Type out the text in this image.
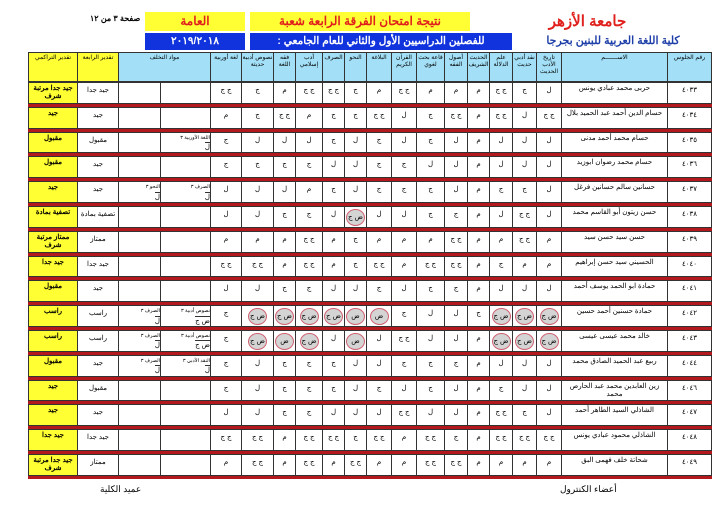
جامعة الأزهر
كلية اللغة العربية للبنين بجرجا
نتيجة امتحان الفرقة الرابعة شعبة
العامة
للفصلين الدراسيين الأول والثاني للعام الجامعي :
٢٠١٩/٢٠١٨
صفحة ٣ من ١٢
رقم الجلوس
الاســـــــم
تاريخ الأدب الحديث
نقد أدبي حديث
علم الدلالة
الحديث الشريف
أصول الفقه
قاعة بحث لغوي
القرآن الكريم
البلاغة
النحو
الصرف
أدب إسلامي
فقه اللغة
نصوص أدبية حديثة
لغة أوربية
مواد التخلف
تقدير الرابعة
تقدير التراكمي
٤٠٣٣
حربى محمد عبادي يونس
ل
ج
ج ج
م
م
م
ج ج
م
ج
ج ج
ج ج
م
ج
ج ج
جيد جدا
جيد جدا مرتبة شرف
٤٠٣٤
حسام الدين أحمد عبد الحميد بلال
ج ج
ل
ج ج
م
ج ج
ج
ل
ج ج
ج
ج
م
ج ج
ج
م
جيد
جيد
٤٠٣٥
حسام محمد أحمد مدنى
ل
ل
ل
م
ل
ج
ل
ج
ل
ج
ل
ل
ل
ج
اللغة الأوربية ٣
ل
مقبول
مقبول
٤٠٣٦
حسام محمد رضوان ابوزيد
ل
ل
ل
م
ل
ل
ج
ج
ل
ل
ج
ج
ج
ج
جيد
مقبول
٤٠٣٧
حسانين سالم حسانين فرغل
ل
ج
ج
م
ل
ج
ج
ج
ل
ج
م
ل
ل
ل
الصرف ٣
ل
النحو ٣
ل
جيد
جيد
٤٠٣٨
حسن زيتون أبو القاسم محمد
ل
ج ج
ل
م
ج
ج
ل
ل
ض ج
ل
ج
ج
ل
ل
تصفية بمادة
تصفية بمادة
٤٠٣٩
حسن سيد حسن سيد
م
ج ج
م
م
ج ج
م
م
م
ج
م
ج ج
م
م
م
ممتاز
ممتاز مرتبة شرف
٤٠٤٠
الحسيني سيد حسن إبراهيم
م
م
ج
م
ج ج
ج ج
م
ج ج
ج
م
ج ج
م
ج ج
ج ج
جيد جدا
جيد جدا
٤٠٤١
حمادة ابو الحمد يوسف أحمد
ل
ل
ل
م
ج
ج
ل
ج
ل
ل
ج
ج
ل
ل
جيد
مقبول
٤٠٤٢
حمادة حسنين أحمد حسين
ض ج
ض ج
ض ج
ج
ل
ل
ج
ض
ض
ض ج
ض ج
ض ج
ض ج
ج
نصوص أدبية ٣
ض ج
الصرف ٣
ل
راسب
راسب
٤٠٤٣
خالد محمد عيسى عيسى
ض ج
ض ج
ض ج
م
ل
ل
ج ج
ل
ض
ل
ض ج
ض
ض ج
ج
نصوص أدبية ٣
ض ج
الصرف ٣
ل
راسب
راسب
٤٠٤٤
ربيع عبد الحميد الصادق محمد
ل
ل
ل
م
ج
ج
ج
ل
ل
ج
ج
ج
ل
ج
النقد الأدبي ٣
ل
الصرف ٣
ل
جيد
مقبول
٤٠٤٦
زين العابدين محمد عبد الحارص محمد
ل
ل
ج
م
ل
ج
ل
ج
ل
ج
ج
ج
ل
ج
مقبول
جيد
٤٠٤٧
الشاذلي السيد الطاهر أحمد
ل
ج
ج ج
م
ل
ل
ج ج
ل
ل
ل
ج
ج
ل
ل
جيد
جيد
٤٠٤٨
الشاذلي محمود عبادي يونس
ج ج
ج ج
ج ج
م
ج
ج ج
م
ج ج
ج
ج ج
ج ج
م
ج ج
ج ج
جيد جدا
جيد جدا
٤٠٤٩
شحاتة خلف فهمى البق
م
م
م
م
ج ج
ج ج
م
م
ج ج
م
ج ج
م
ج ج
م
ممتاز
جيد جدا مرتبة شرف
أعضاء الكنترول
عميد الكلية
